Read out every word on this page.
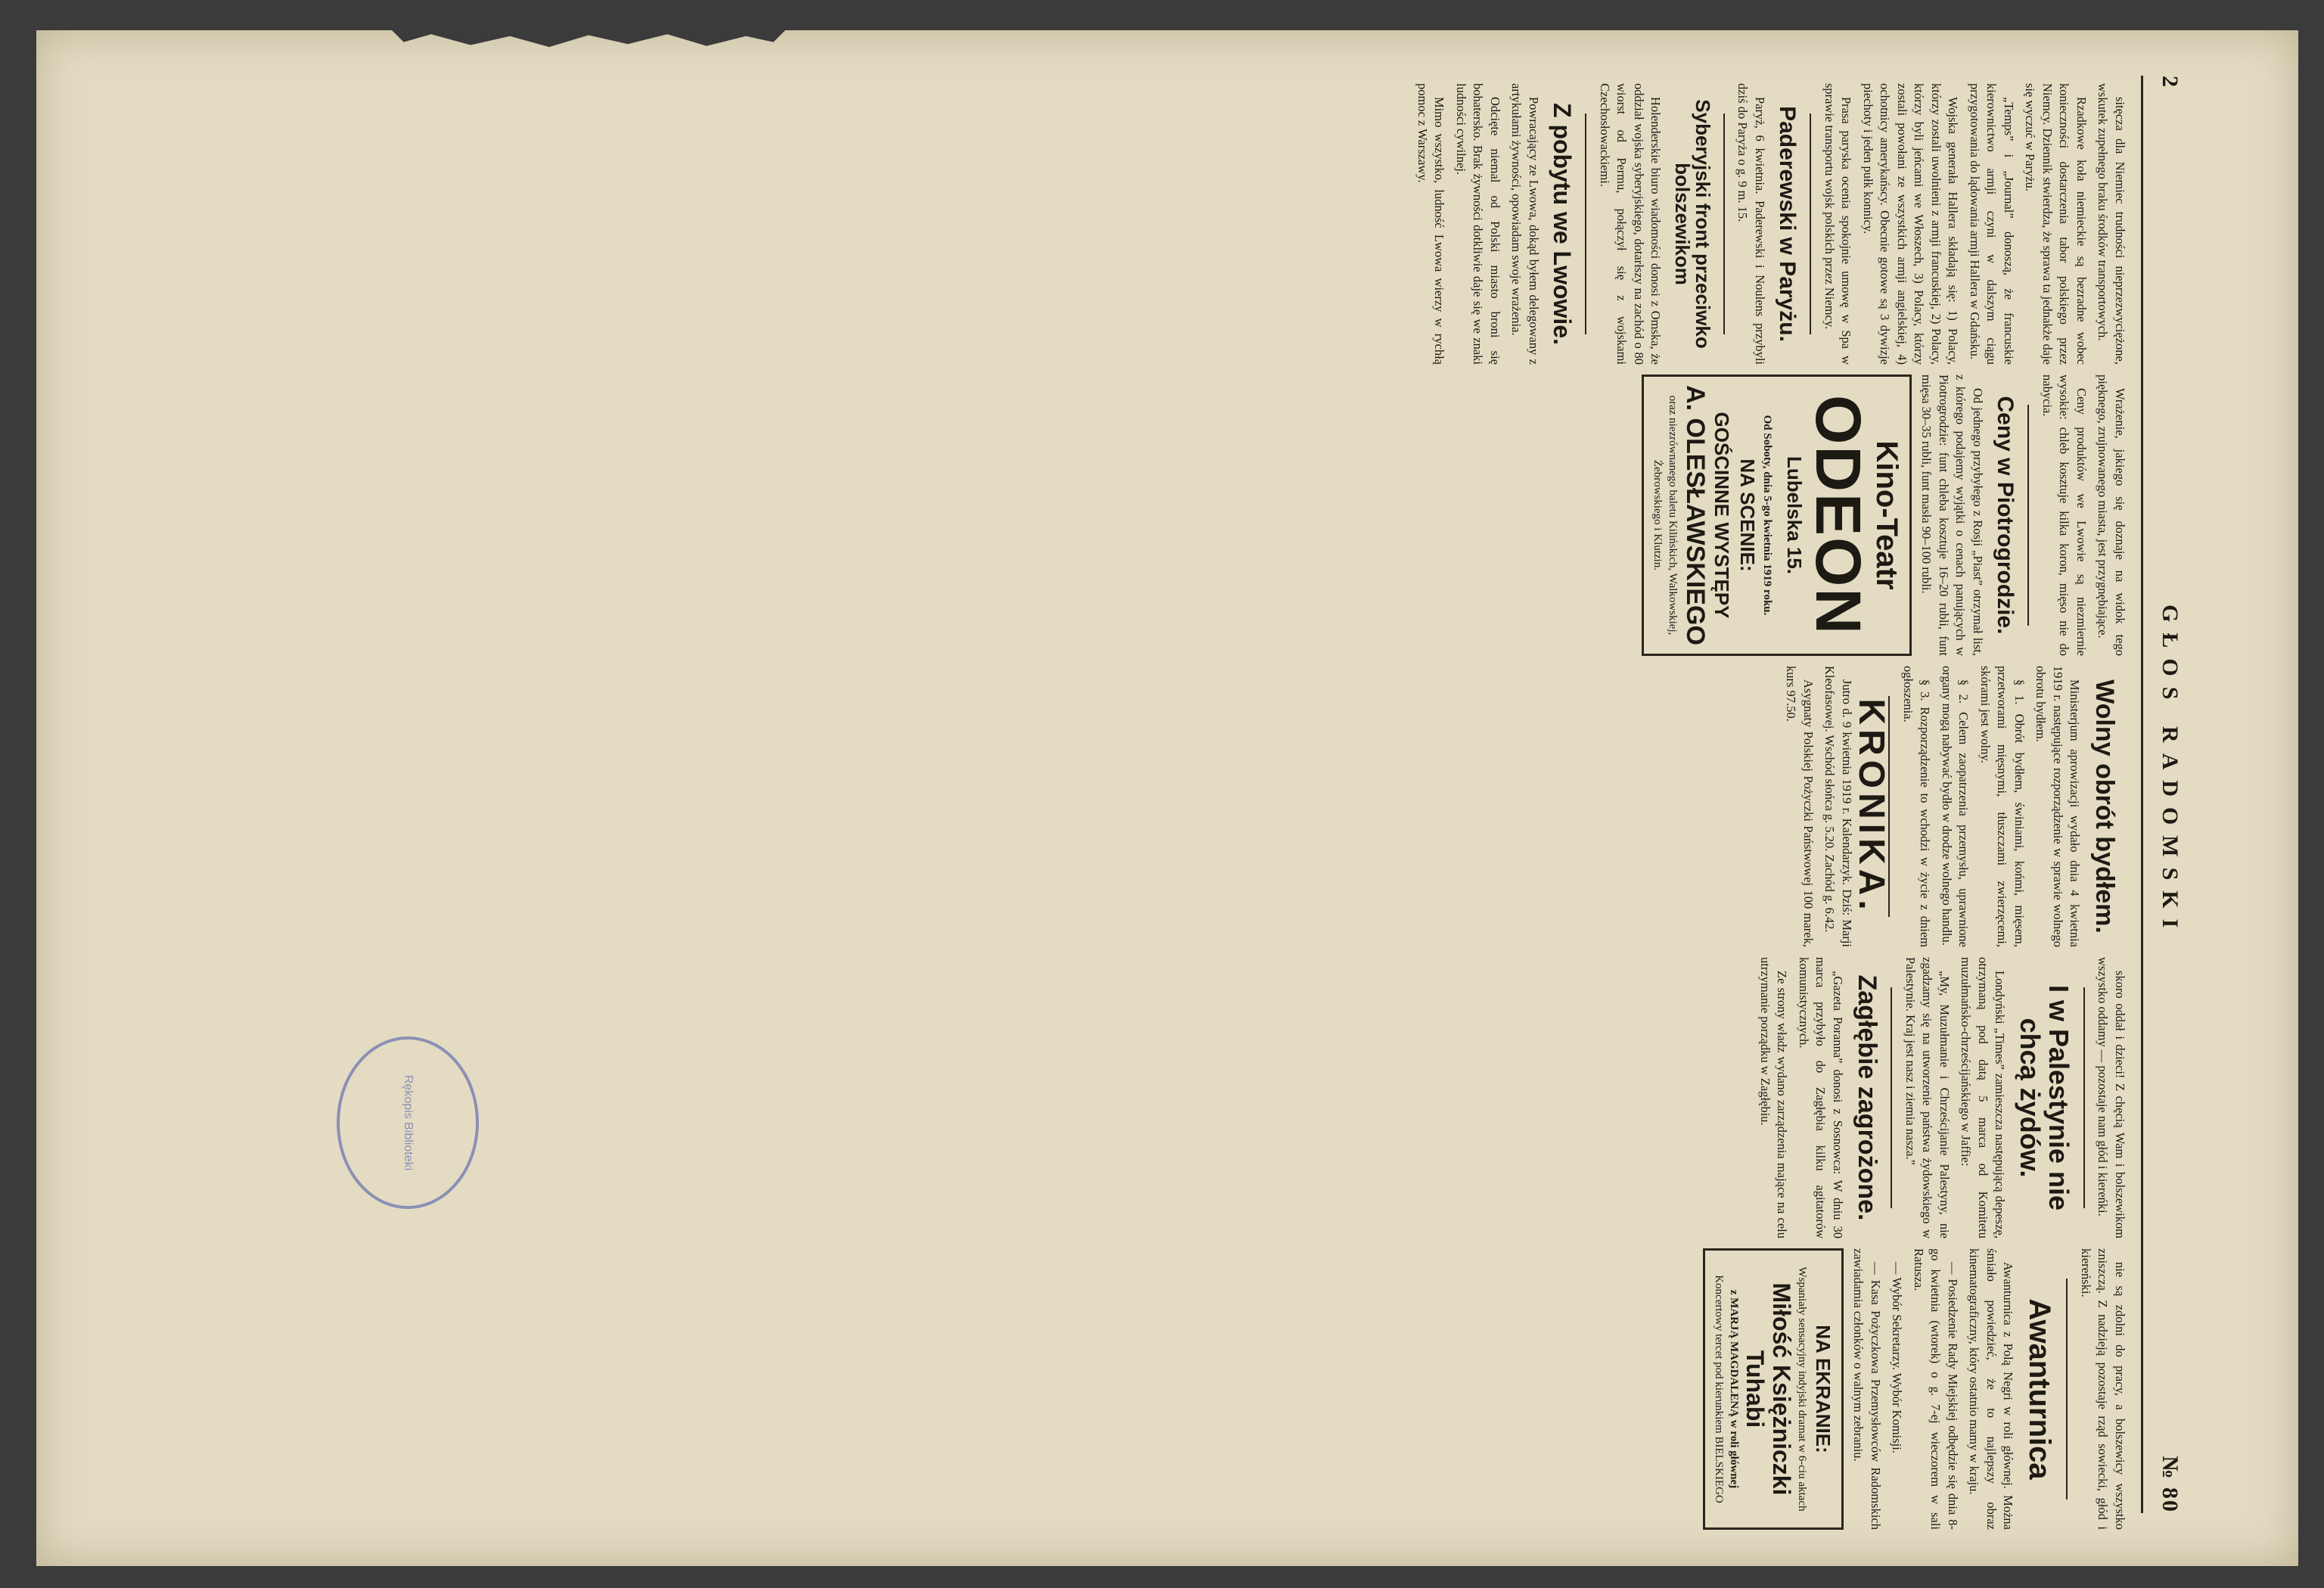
2
GŁOS RADOMSKI
№ 80

sitęcza dla Niemiec trudności nieprzezwyciężone, wskutek zupełnego braku środków transportowych.

Rzadkowe koła niemieckie są bezradne wobec konieczności dostarczenia tabor polskiego przez Niemcy. Dziennik stwierdza, że sprawa ta jednakże daje się wyczuć w Paryżu.

„Temps” i „Journal” donoszą, że francuskie kierownictwo armji czyni w dalszym ciągu przygotowania do lądowania armji Hallera w Gdańsku.

Wojska generała Hallera składają się: 1) Polacy, którzy zostali uwolnieni z armji francuskiej, 2) Polacy, którzy byli jeńcami we Włoszech, 3) Polacy, którzy zostali powołani ze wszystkich armji angielskiej, 4) ochotnicy amerykańscy. Obecnie gotowe są 3 dywizje piechoty i jeden pułk konnicy.

Prasa paryska ocenia spokojnie umowę w Spa w sprawie transportu wojsk polskich przez Niemcy.

Paderewski w Paryżu.

Paryż, 6 kwietnia. Paderewski i Noulens przybyli dziś do Paryża o g. 9 m. 15.

Syberyjski front przeciwko bolszewikom

Holenderskie biuro wiadomości donosi z Omska, że oddział wojska syberyjskiego, dotarłszy na zachód o 80 wiorst od Permu, połączył się z wojskami Czechosłowackiemi.

Z pobytu we Lwowie.

Powracający ze Lwowa, dokąd byłem delegowany z artykułami żywności, opowiadam swoje wrażenia.

Odcięte niemal od Polski miasto broni się bohatersko. Brak żywności dotkliwie daje się we znaki ludności cywilnej.

Mimo wszystko, ludność Lwowa wierzy w rychłą pomoc z Warszawy.

Wrażenie, jakiego się doznaje na widok tego pięknego, zrujnowanego miasta, jest przygnębiające.

Ceny produktów we Lwowie są niezmiernie wysokie: chleb kosztuje kilka koron, mięso nie do nabycia.

Ceny w Piotrogrodzie.

Od jednego przybyłego z Rosji „Piast” otrzymał list, z którego podajemy wyjątki o cenach panujących w Piotrogrodzie: funt chleba kosztuje 16–20 rubli, funt mięsa 30–35 rubli, funt masła 90–100 rubli.

Kino-Teatr
ODEON
Lubelska 15.
Od Soboty, dnia 5-go kwietnia 1919 roku.
NA SCENIE:
GOŚCINNE WYSTĘPY
A. OLESŁAWSKIEGO
oraz niezrównanego baletu Kilińskich, Walkowskiej, Żebrowskiego i Klutzin.
Wolny obrót bydłem.

Ministerjum aprowizacji wydało dnia 4 kwietnia 1919 r. następujące rozporządzenie w sprawie wolnego obrotu bydłem.

§ 1. Obrót bydłem, świniami, końmi, mięsem, przetworami mięsnymi, tłuszczami zwierzęcemi, skórami jest wolny.

§ 2. Celem zaopatrzenia przemysłu, uprawnione organy mogą nabywać bydło w drodze wolnego handlu.

§ 3. Rozporządzenie to wchodzi w życie z dniem ogłoszenia.

KRONIKA.

Jutro d. 9 kwietnia 1919 r. Kalendarzyk. Dziś: Marji Kleofasowej. Wschód słońca g. 5.20. Zachód g. 6.42.

Asygnaty Polskiej Pożyczki Państwowej 100 marek, kurs 97.50.

skoro oddał i dzieci! Z chęcią Wam i bolszewikom wszystko oddamy — pozostaje nam głód i kiereńki.

I w Palestynie nie chcą żydów.

Londyński „Times” zamieszcza następującą depeszę, otrzymaną pod datą 5 marca od Komitetu muzułmańsko-chrześcijańskiego w Jaffie:

„My, Muzułmanie i Chrześcijanie Palestyny, nie zgadzamy się na utworzenie państwa żydowskiego w Palestynie. Kraj jest nasz i ziemia nasza.”

Zagłębie zagrożone.

„Gazeta Poranna” donosi z Sosnowca: W dniu 30 marca przybyło do Zagłębia kilku agitatorów komunistycznych.

Ze strony władz wydano zarządzenia mające na celu utrzymanie porządku w Zagłębiu.

nie są zdolni do pracy, a bolszewicy wszystko zniszczą. Z nadzieją pozostaje rząd sowiecki, głód i kiereński.

Awanturnica

Awanturnica z Polą Negri w roli głównej. Można śmiało powiedzieć, że to najlepszy obraz kinematograficzny, który ostatnio mamy w kraju.

— Posiedzenie Rady Miejskiej odbędzie się dnia 8-go kwietnia (wtorek) o g. 7-ej wieczorem w sali Ratusza.

— Wybór Sekretarzy. Wybór Komisji.

— Kasa Pożyczkowa Przemysłowców Radomskich zawiadamia członków o walnym zebraniu.

NA EKRANIE:
Wspaniały sensacyjny indyjski dramat w 6-ciu aktach
Miłość Księżniczki Tuhabi
z MARJĄ MAGDALENĄ w roli głównej
Koncertowy tercet pod kierunkiem BIELSKIEGO
Rękopis Biblioteki
